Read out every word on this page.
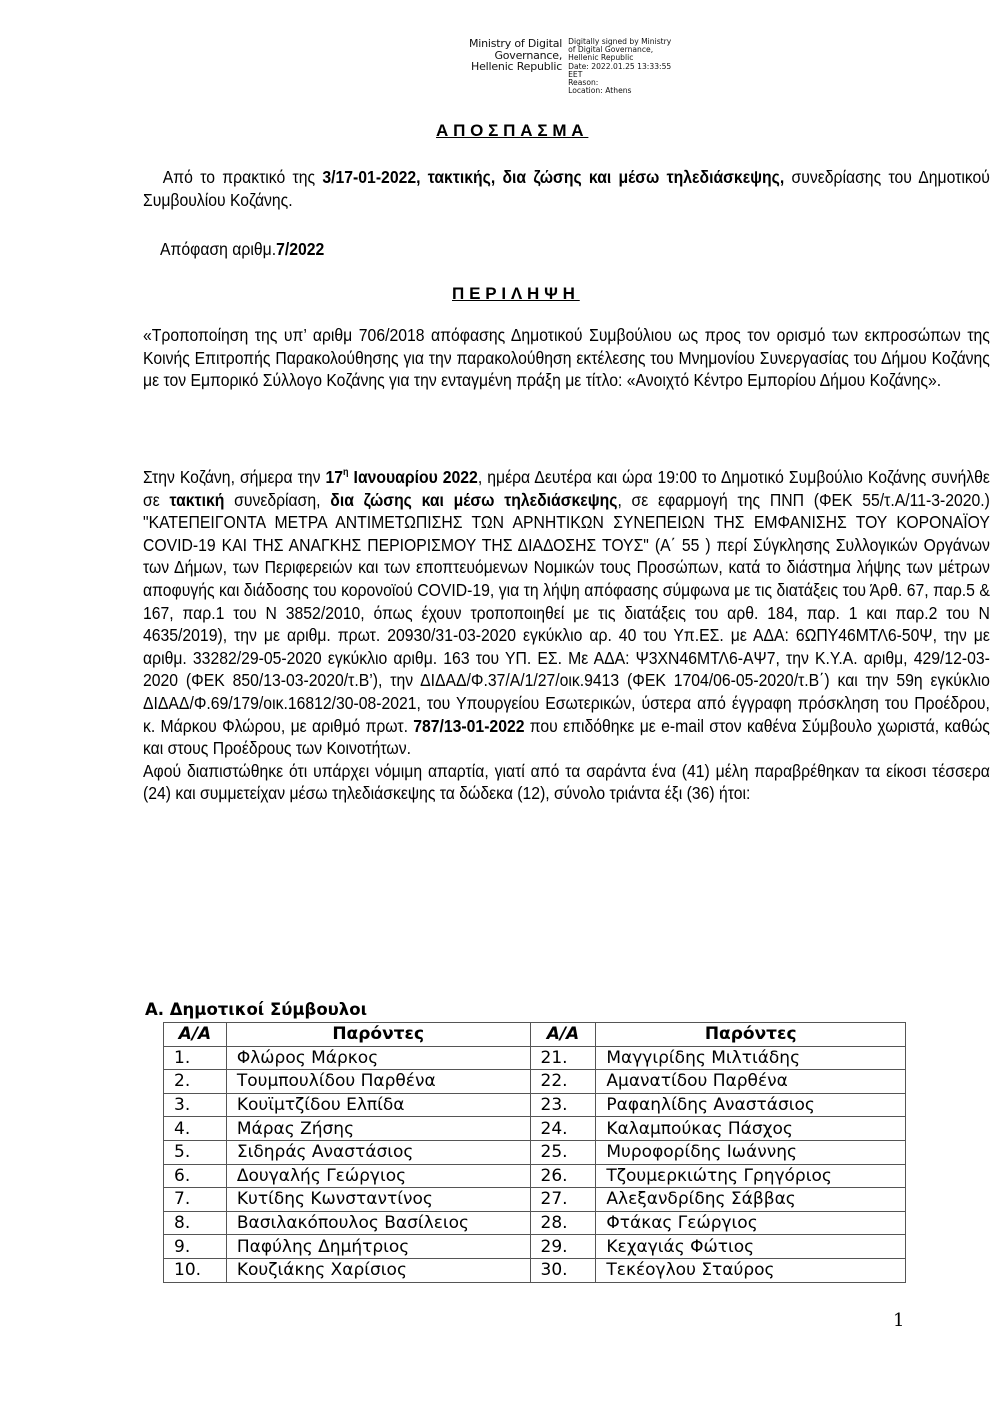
Ministry of Digital
Governance,
Hellenic Republic
Digitally signed by Ministry
of Digital Governance,
Hellenic Republic
Date: 2022.01.25 13:33:55
EET
Reason:
Location: Athens
ΑΠΟΣΠΑΣΜΑ
Από το πρακτικό της 3/17-01-2022, τακτικής, δια ζώσης και μέσω τηλεδιάσκεψης, συνεδρίασης του Δημοτικού Συμβουλίου Κοζάνης.
Απόφαση αριθμ.7/2022
ΠΕΡΙΛΗΨΗ
«Τροποποίηση της υπ’ αριθμ 706/2018 απόφασης Δημοτικού Συμβούλιου ως προς τον ορισμό των εκπροσώπων της Κοινής Επιτροπής Παρακολούθησης για την παρακολούθηση εκτέλεσης του Μνημονίου Συνεργασίας του Δήμου Κοζάνης με τον Εμπορικό Σύλλογο Κοζάνης για την ενταγμένη πράξη με τίτλο: «Ανοιχτό Κέντρο Εμπορίου Δήμου Κοζάνης».
Στην Κοζάνη, σήμερα την $17^\eta$ Ιανουαρίου 2022, ημέρα Δευτέρα και ώρα 19:00 το Δημοτικό Συμβούλιο Κοζάνης συνήλθε σε τακτική συνεδρίαση, δια ζώσης και μέσω τηλεδιάσκεψης, σε εφαρμογή της ΠΝΠ (ΦΕΚ 55/τ.Α/11-3-2020.) "ΚΑΤΕΠΕΙΓΟΝΤΑ ΜΕΤΡΑ ΑΝΤΙΜΕΤΩΠΙΣΗΣ ΤΩΝ ΑΡΝΗΤΙΚΩΝ ΣΥΝΕΠΕΙΩΝ ΤΗΣ ΕΜΦΑΝΙΣΗΣ ΤΟΥ ΚΟΡΟΝΑΪΟΥ COVID-19 ΚΑΙ ΤΗΣ ΑΝΑΓΚΗΣ ΠΕΡΙΟΡΙΣΜΟΥ ΤΗΣ ΔΙΑΔΟΣΗΣ ΤΟΥΣ" (Α΄ 55 ) περί Σύγκλησης Συλλογικών Οργάνων των Δήμων, των Περιφερειών και των εποπτευόμενων Νομικών τους Προσώπων, κατά το διάστημα λήψης των μέτρων αποφυγής και διάδοσης του κορονοϊού COVID-19, για τη λήψη απόφασης σύμφωνα με τις διατάξεις του Άρθ. 67, παρ.5 & 167, παρ.1 του Ν 3852/2010, όπως έχουν τροποποιηθεί με τις διατάξεις του αρθ. 184, παρ. 1 και παρ.2 του Ν 4635/2019), την με αριθμ. πρωτ. 20930/31-03-2020 εγκύκλιο αρ. 40 του Υπ.ΕΣ. με ΑΔΑ: 6ΩΠΥ46ΜΤΛ6-50Ψ, την με αριθμ. 33282/29-05-2020 εγκύκλιο αριθμ. 163 του ΥΠ. ΕΣ. Με ΑΔΑ: Ψ3ΧΝ46ΜΤΛ6-ΑΨ7, την Κ.Υ.Α. αριθμ, 429/12-03-2020 (ΦΕΚ 850/13-03-2020/τ.Β’), την ΔΙΔΑΔ/Φ.37/Α/1/27/οικ.9413 (ΦΕΚ 1704/06-05-2020/τ.Β΄) και την 59η εγκύκλιο ΔΙΔΑΔ/Φ.69/179/οικ.16812/30-08-2021, του Υπουργείου Εσωτερικών, ύστερα από έγγραφη πρόσκληση του Προέδρου, κ. Μάρκου Φλώρου, με αριθμό πρωτ. 787/13-01-2022 που επιδόθηκε με e-mail στον καθένα Σύμβουλο χωριστά, καθώς και στους Προέδρους των Κοινοτήτων.
Αφού διαπιστώθηκε ότι υπάρχει νόμιμη απαρτία, γιατί από τα σαράντα ένα (41) μέλη παραβρέθηκαν τα είκοσι τέσσερα (24) και συμμετείχαν μέσω τηλεδιάσκεψης τα δώδεκα (12), σύνολο τριάντα έξι (36) ήτοι:
Α. Δημοτικοί Σύμβουλοι
Α/Α	Παρόντες	Α/Α	Παρόντες
1.	Φλώρος Μάρκος	21.	Μαγγιρίδης Μιλτιάδης
2.	Τουμπουλίδου Παρθένα	22.	Αμανατίδου Παρθένα
3.	Κουϊμτζίδου Ελπίδα	23.	Ραφαηλίδης Αναστάσιος
4.	Μάρας Ζήσης	24.	Καλαμπούκας Πάσχος
5.	Σιδηράς Αναστάσιος	25.	Μυροφορίδης Ιωάννης
6.	Δουγαλής Γεώργιος	26.	Τζουμερκιώτης Γρηγόριος
7.	Κυτίδης Κωνσταντίνος	27.	Αλεξανδρίδης Σάββας
8.	Βασιλακόπουλος Βασίλειος	28.	Φτάκας Γεώργιος
9.	Παφύλης Δημήτριος	29.	Κεχαγιάς Φώτιος
10.	Κουζιάκης Χαρίσιος	30.	Τεκέογλου Σταύρος
1
